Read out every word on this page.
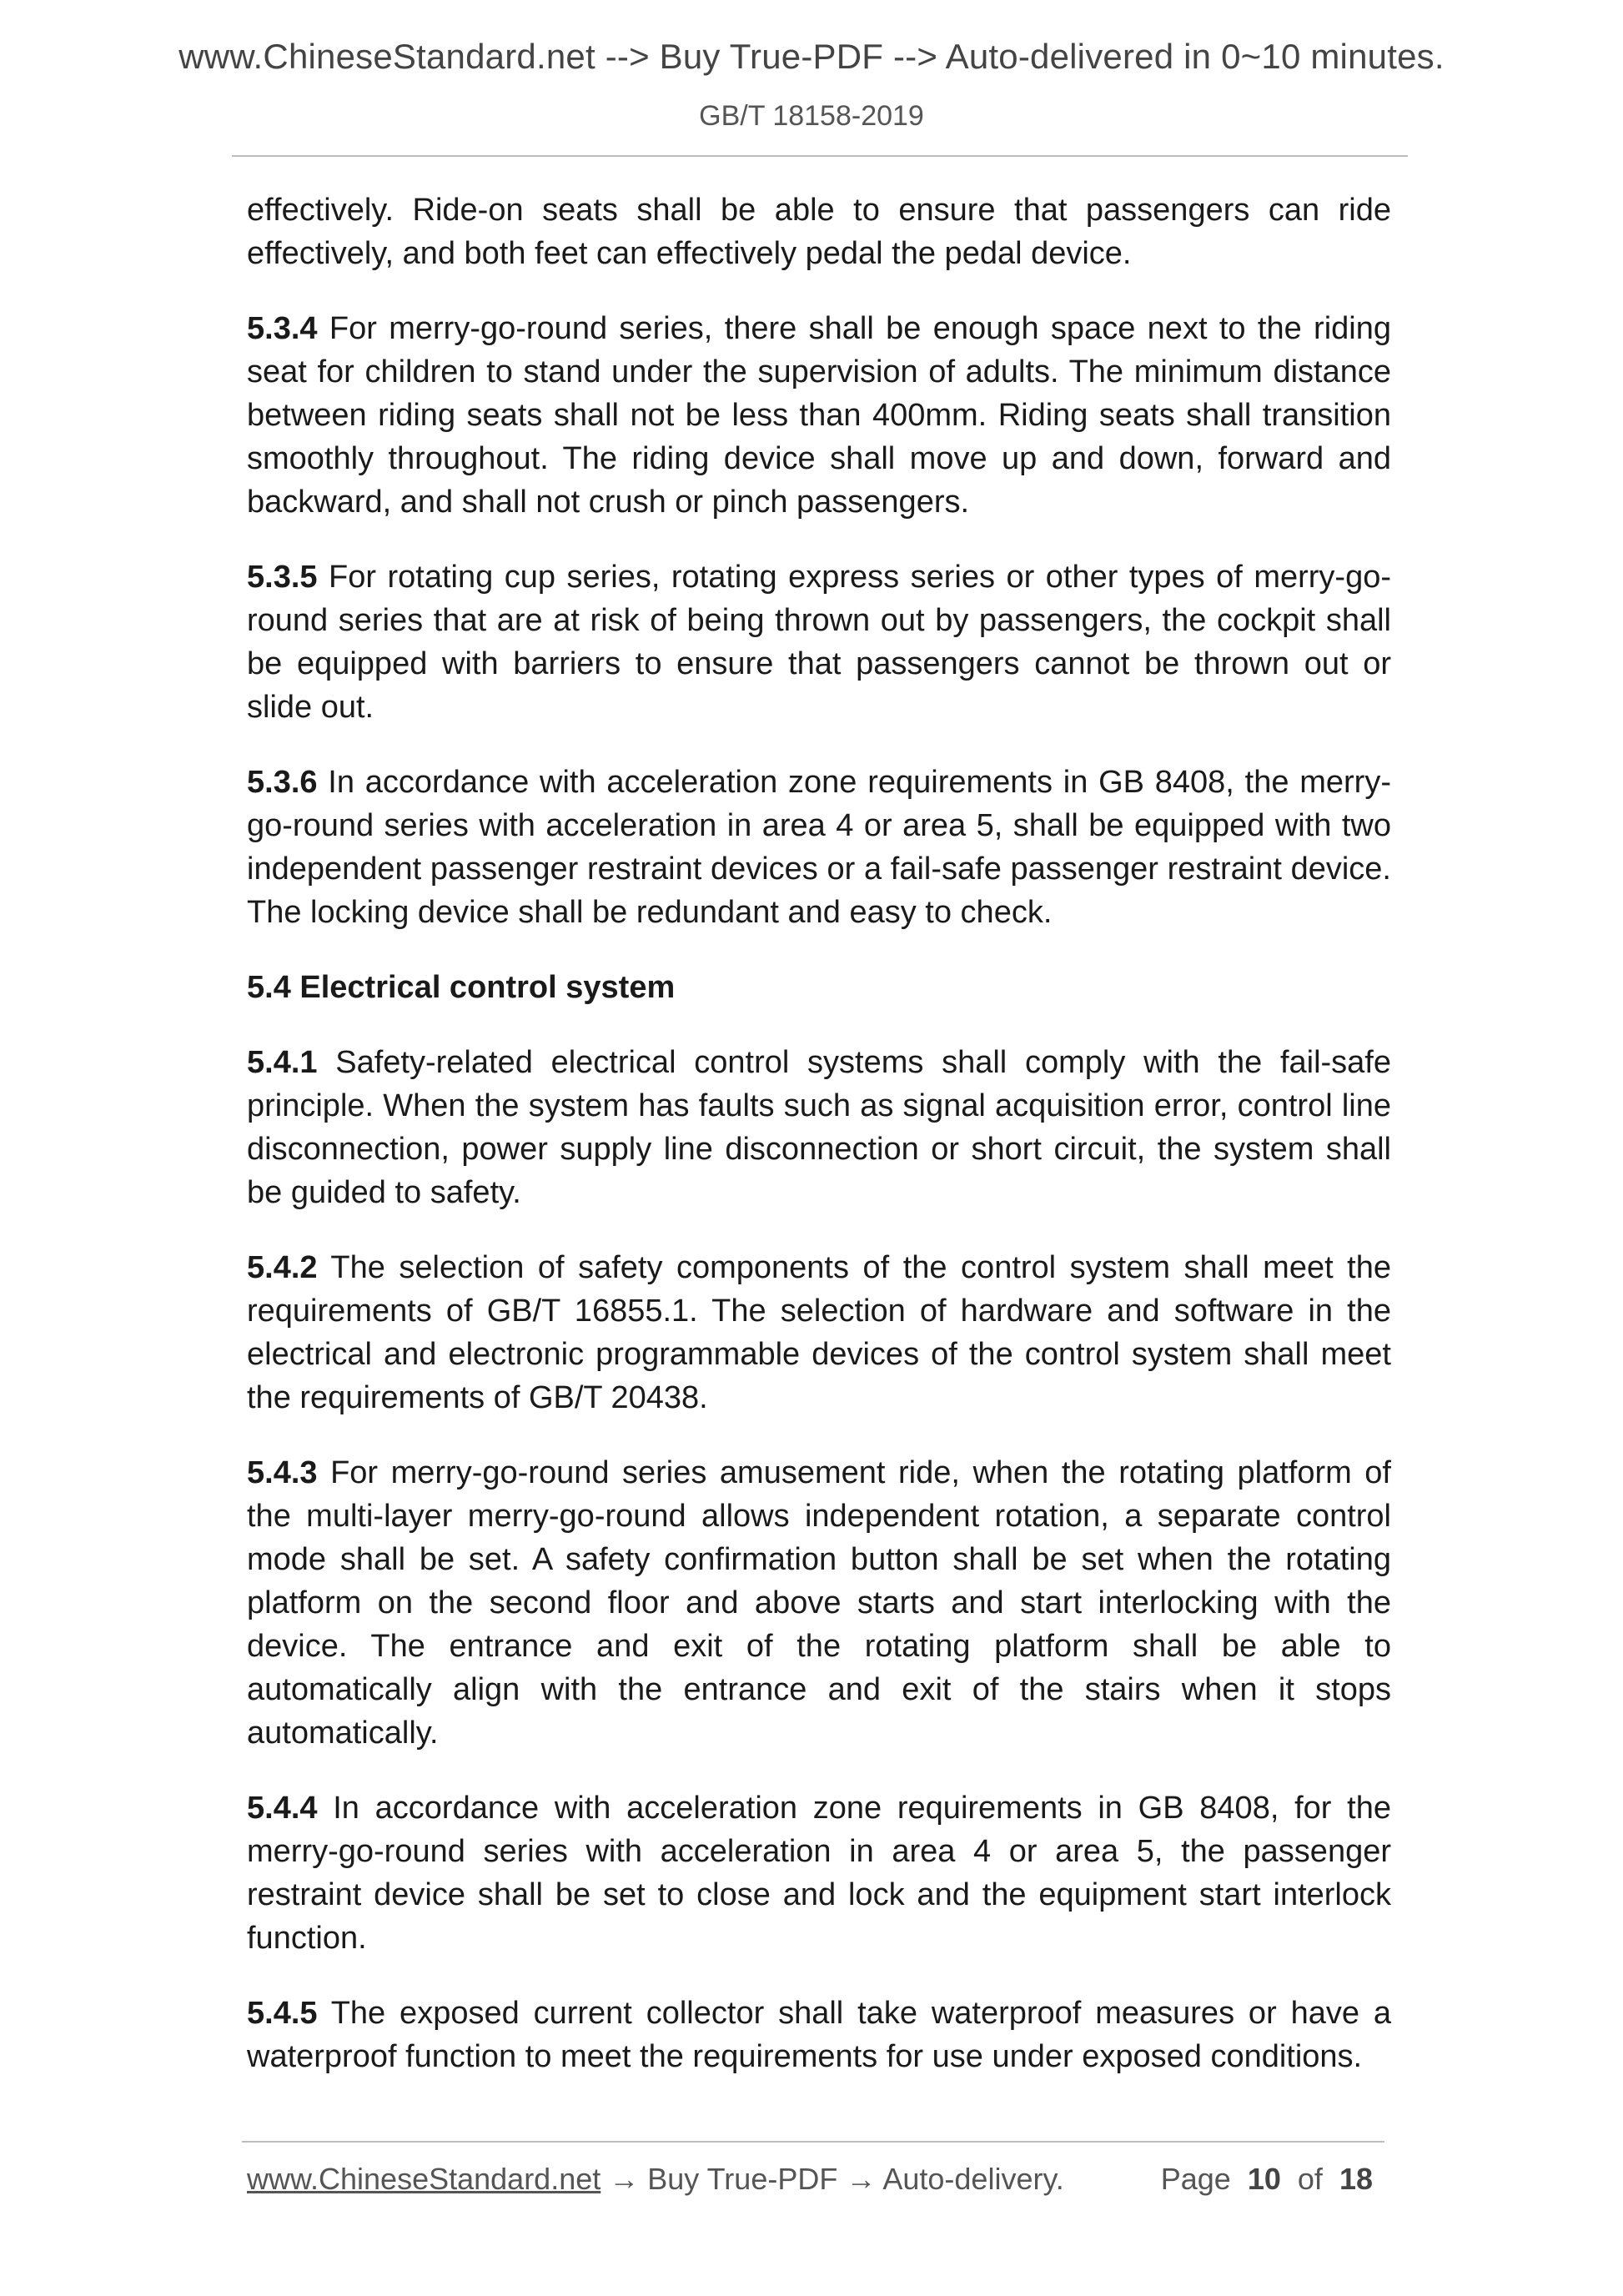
www.ChineseStandard.net --> Buy True-PDF --> Auto-delivered in 0~10 minutes.
GB/T 18158-2019

effectively. Ride-on seats shall be able to ensure that passengers can ride effectively, and both feet can effectively pedal the pedal device.

5.3.4 For merry-go-round series, there shall be enough space next to the riding seat for children to stand under the supervision of adults. The minimum distance between riding seats shall not be less than 400mm. Riding seats shall transition smoothly throughout. The riding device shall move up and down, forward and backward, and shall not crush or pinch passengers.

5.3.5 For rotating cup series, rotating express series or other types of merry-go-round series that are at risk of being thrown out by passengers, the cockpit shall be equipped with barriers to ensure that passengers cannot be thrown out or slide out.

5.3.6 In accordance with acceleration zone requirements in GB 8408, the merry-go-round series with acceleration in area 4 or area 5, shall be equipped with two independent passenger restraint devices or a fail-safe passenger restraint device. The locking device shall be redundant and easy to check.

5.4 Electrical control system

5.4.1 Safety-related electrical control systems shall comply with the fail-safe principle. When the system has faults such as signal acquisition error, control line disconnection, power supply line disconnection or short circuit, the system shall be guided to safety.

5.4.2 The selection of safety components of the control system shall meet the requirements of GB/T 16855.1. The selection of hardware and software in the electrical and electronic programmable devices of the control system shall meet the requirements of GB/T 20438.

5.4.3 For merry-go-round series amusement ride, when the rotating platform of the multi-layer merry-go-round allows independent rotation, a separate control mode shall be set. A safety confirmation button shall be set when the rotating platform on the second floor and above starts and start interlocking with the device. The entrance and exit of the rotating platform shall be able to automatically align with the entrance and exit of the stairs when it stops automatically.

5.4.4 In accordance with acceleration zone requirements in GB 8408, for the merry-go-round series with acceleration in area 4 or area 5, the passenger restraint device shall be set to close and lock and the equipment start interlock function.

5.4.5 The exposed current collector shall take waterproof measures or have a waterproof function to meet the requirements for use under exposed conditions.

www.ChineseStandard.net → Buy True-PDF → Auto-delivery.	Page 10 of 18
